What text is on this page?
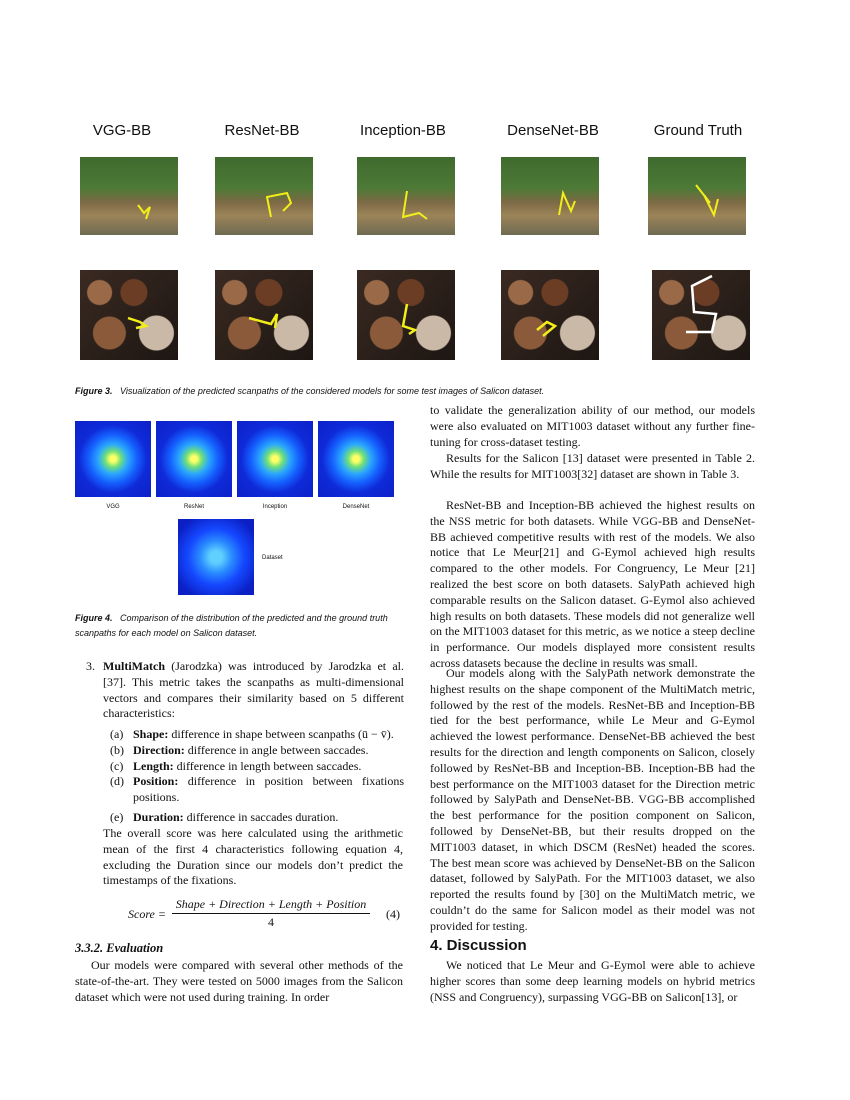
VGG-BB	ResNet-BB	Inception-BB	DenseNet-BB	Ground Truth
Figure 3. Visualization of the predicted scanpaths of the considered models for some test images of Salicon dataset.
VGG	ResNet	Inception	DenseNet
Dataset
Figure 4. Comparison of the distribution of the predicted and the ground truth scanpaths for each model on Salicon dataset.
3. MultiMatch (Jarodzka) was introduced by Jarodzka et al. [37]. This metric takes the scanpaths as multi-dimensional vectors and compares their similarity based on 5 different characteristics:

(a) Shape: difference in shape between scanpaths (ū − v̄).
(b) Direction: difference in angle between saccades.
(c) Length: difference in length between saccades.
(d) Position: difference in position between fixations positions.
(e) Duration: difference in saccades duration.
The overall score was here calculated using the arithmetic mean of the first 4 characteristics following equation 4, excluding the Duration since our models don’t predict the timestamps of the fixations.
Score =
Shape + Direction + Length + Position
4
(4)
3.3.2. Evaluation
Our models were compared with several other methods of the state-of-the-art. They were tested on 5000 images from the Salicon dataset which were not used during training. In order
to validate the generalization ability of our method, our models were also evaluated on MIT1003 dataset without any further fine-tuning for cross-dataset testing.
Results for the Salicon [13] dataset were presented in Table 2. While the results for MIT1003[32] dataset are shown in Table 3.
ResNet-BB and Inception-BB achieved the highest results on the NSS metric for both datasets. While VGG-BB and DenseNet-BB achieved competitive results with rest of the models. We also notice that Le Meur[21] and G-Eymol achieved high results compared to the other models. For Congruency, Le Meur [21] realized the best score on both datasets. SalyPath achieved high comparable results on the Salicon dataset. G-Eymol also achieved high results on both datasets. These models did not generalize well on the MIT1003 dataset for this metric, as we notice a steep decline in performance. Our models displayed more consistent results across datasets because the decline in results was small.
Our models along with the SalyPath network demonstrate the highest results on the shape component of the MultiMatch metric, followed by the rest of the models. ResNet-BB and Inception-BB tied for the best performance, while Le Meur and G-Eymol achieved the lowest performance. DenseNet-BB achieved the best results for the direction and length components on Salicon, closely followed by ResNet-BB and Inception-BB. Inception-BB had the best performance on the MIT1003 dataset for the Direction metric followed by SalyPath and DenseNet-BB. VGG-BB accomplished the best performance for the position component on Salicon, followed by DenseNet-BB, but their results dropped on the MIT1003 dataset, in which DSCM (ResNet) headed the scores. The best mean score was achieved by DenseNet-BB on the Salicon dataset, followed by SalyPath. For the MIT1003 dataset, we also reported the results found by [30] on the MultiMatch metric, we couldn’t do the same for Salicon model as their model was not provided for testing.
4. Discussion
We noticed that Le Meur and G-Eymol were able to achieve higher scores than some deep learning models on hybrid metrics (NSS and Congruency), surpassing VGG-BB on Salicon[13], or
